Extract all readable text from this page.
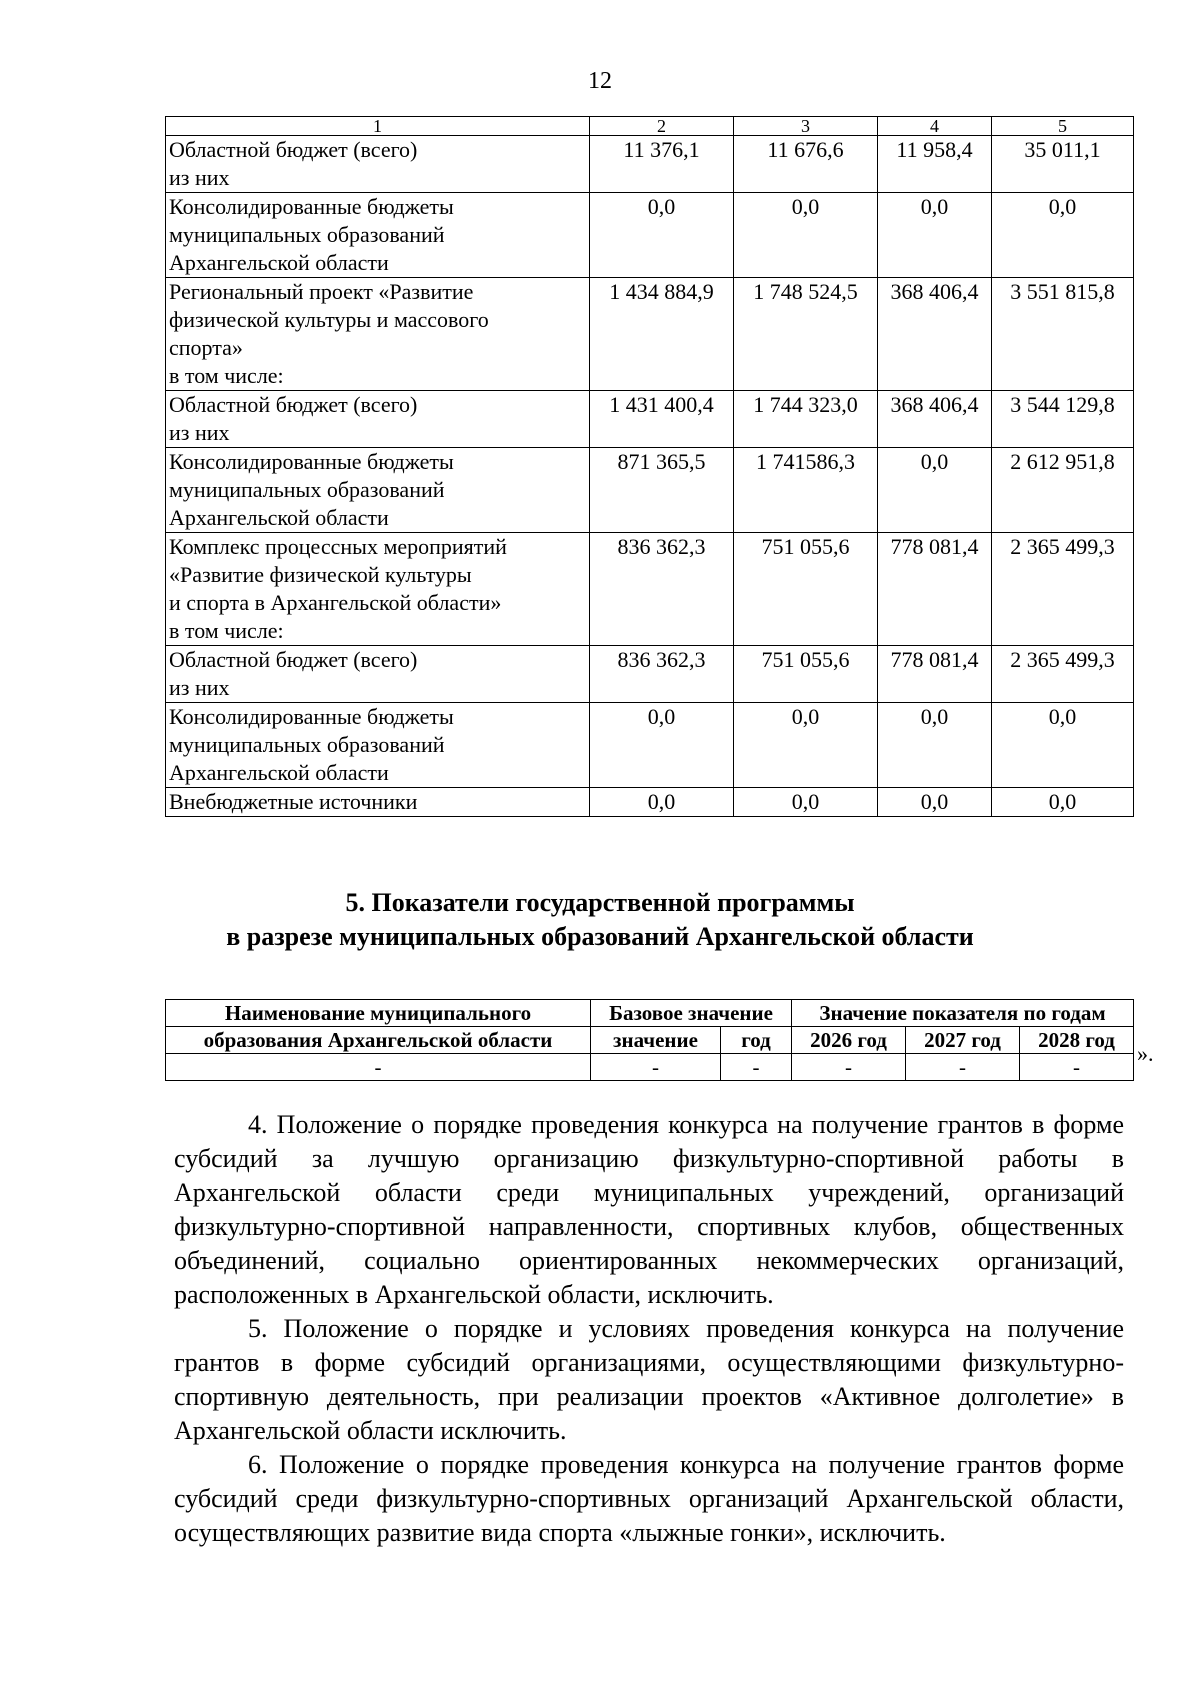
12
1	2	3	4	5

Областной бюджет (всего)
из них	11 376,1	11 676,6	11 958,4	35 011,1

Консолидированные бюджеты
муниципальных образований
Архангельской области	0,0	0,0	0,0	0,0

Региональный проект «Развитие
физической культуры и массового
спорта»
в том числе:	1 434 884,9	1 748 524,5	368 406,4	3 551 815,8

Областной бюджет (всего)
из них	1 431 400,4	1 744 323,0	368 406,4	3 544 129,8

Консолидированные бюджеты
муниципальных образований
Архангельской области	871 365,5	1 741586,3	0,0	2 612 951,8

Комплекс процессных мероприятий
«Развитие физической культуры
и спорта в Архангельской области»
в том числе:	836 362,3	751 055,6	778 081,4	2 365 499,3

Областной бюджет (всего)
из них	836 362,3	751 055,6	778 081,4	2 365 499,3

Консолидированные бюджеты
муниципальных образований
Архангельской области	0,0	0,0	0,0	0,0

Внебюджетные источники	0,0	0,0	0,0	0,0
5. Показатели государственной программы
в разрезе муниципальных образований Архангельской области
Наименование муниципального	Базовое значение		Значение показателя по годам		
образования Архангельской области	значение	год	2026 год	2027 год	2028 год
-	-	-	-	-	-
».

4. Положение о порядке проведения конкурса на получение грантов в форме субсидий за лучшую организацию физкультурно-спортивной работы в Архангельской области среди муниципальных учреждений, организаций физкультурно-спортивной направленности, спортивных клубов, общественных объединений, социально ориентированных некоммерческих организаций, расположенных в Архангельской области, исключить.

5. Положение о порядке и условиях проведения конкурса на получение грантов в форме субсидий организациями, осуществляющими физкультурно-спортивную деятельность, при реализации проектов «Активное долголетие» в Архангельской области исключить.

6. Положение о порядке проведения конкурса на получение грантов форме субсидий среди физкультурно-спортивных организаций Архангельской области, осуществляющих развитие вида спорта «лыжные гонки», исключить.
